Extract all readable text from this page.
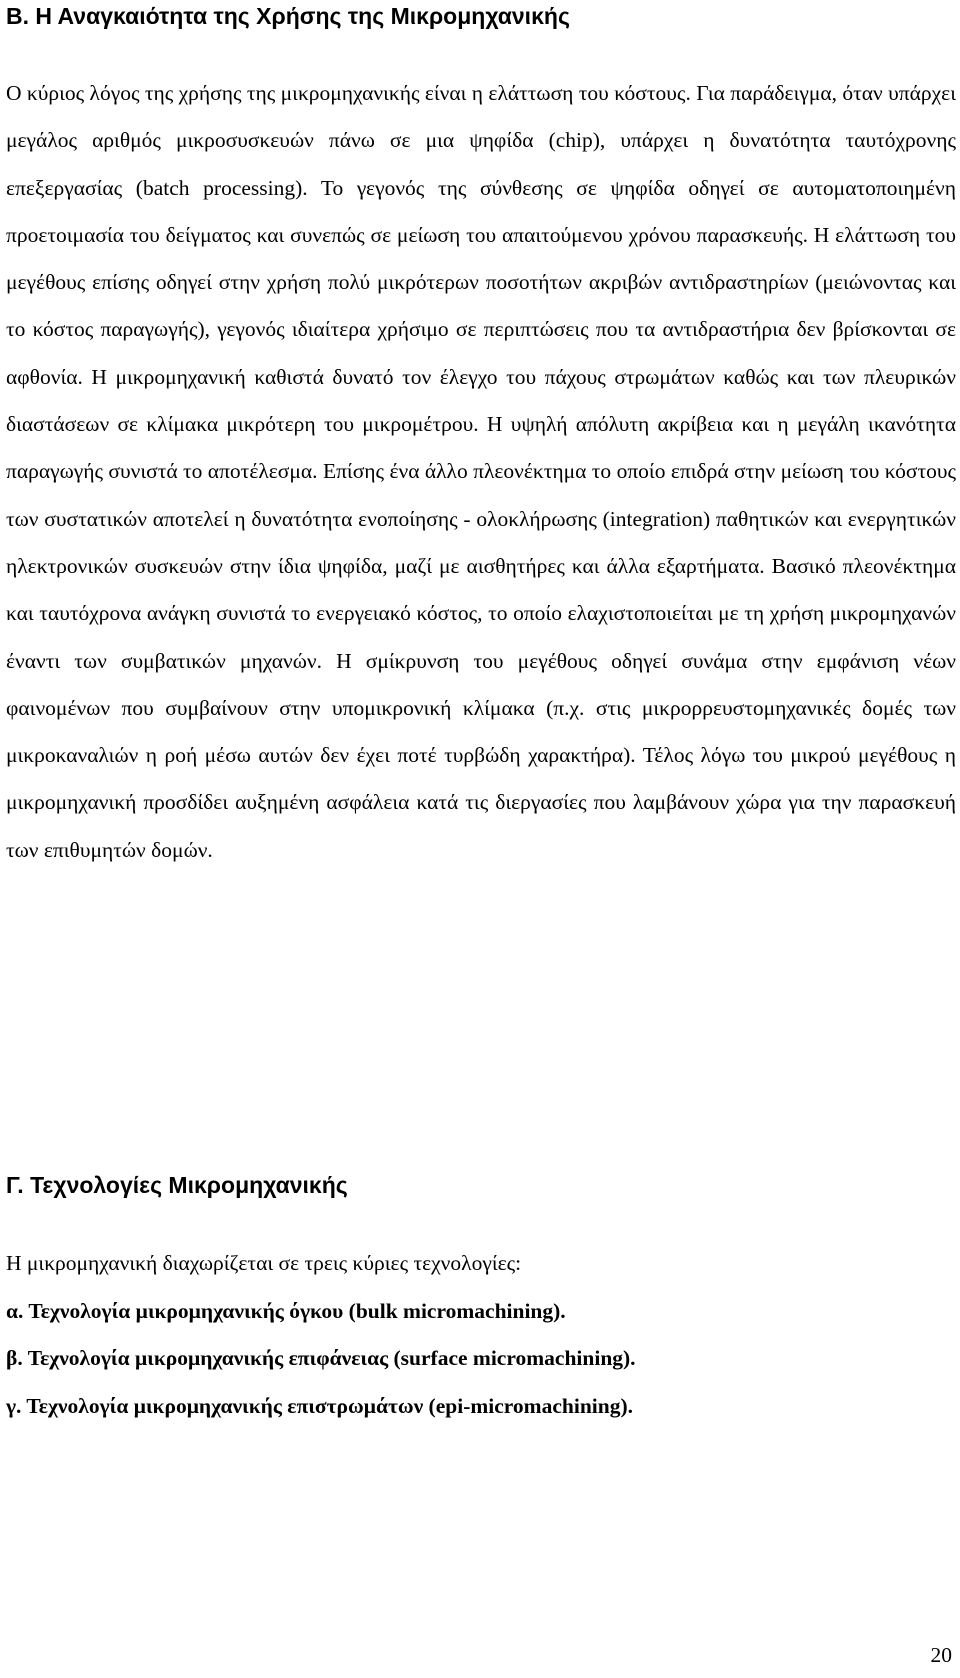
Β. Η Αναγκαιότητα της Χρήσης της Μικρομηχανικής

Ο κύριος λόγος της χρήσης της μικρομηχανικής είναι η ελάττωση του κόστους. Για παράδειγμα, όταν υπάρχει μεγάλος αριθμός μικροσυσκευών πάνω σε μια ψηφίδα (chip), υπάρχει η δυνατότητα ταυτόχρονης επεξεργασίας (batch processing). Το γεγονός της σύνθεσης σε ψηφίδα οδηγεί σε αυτοματοποιημένη προετοιμασία του δείγματος και συνεπώς σε μείωση του απαιτούμενου χρόνου παρασκευής. Η ελάττωση του μεγέθους επίσης οδηγεί στην χρήση πολύ μικρότερων ποσοτήτων ακριβών αντιδραστηρίων (μειώνοντας και το κόστος παραγωγής), γεγονός ιδιαίτερα χρήσιμο σε περιπτώσεις που τα αντιδραστήρια δεν βρίσκονται σε αφθονία. Η μικρομηχανική καθιστά δυνατό τον έλεγχο του πάχους στρωμάτων καθώς και των πλευρικών διαστάσεων σε κλίμακα μικρότερη του μικρομέτρου. Η υψηλή απόλυτη ακρίβεια και η μεγάλη ικανότητα παραγωγής συνιστά το αποτέλεσμα. Επίσης ένα άλλο πλεονέκτημα το οποίο επιδρά στην μείωση του κόστους των συστατικών αποτελεί η δυνατότητα ενοποίησης - ολοκλήρωσης (integration) παθητικών και ενεργητικών ηλεκτρονικών συσκευών στην ίδια ψηφίδα, μαζί με αισθητήρες και άλλα εξαρτήματα. Βασικό πλεονέκτημα και ταυτόχρονα ανάγκη συνιστά το ενεργειακό κόστος, το οποίο ελαχιστοποιείται με τη χρήση μικρομηχανών έναντι των συμβατικών μηχανών. Η σμίκρυνση του μεγέθους οδηγεί συνάμα στην εμφάνιση νέων φαινομένων που συμβαίνουν στην υπομικρονική κλίμακα (π.χ. στις μικρορρευστομηχανικές δομές των μικροκαναλιών η ροή μέσω αυτών δεν έχει ποτέ τυρβώδη χαρακτήρα). Τέλος λόγω του μικρού μεγέθους η μικρομηχανική προσδίδει αυξημένη ασφάλεια κατά τις διεργασίες που λαμβάνουν χώρα για την παρασκευή των επιθυμητών δομών.

Γ. Τεχνολογίες Μικρομηχανικής

Η μικρομηχανική διαχωρίζεται σε τρεις κύριες τεχνολογίες:

α. Τεχνολογία μικρομηχανικής όγκου (bulk micromachining).
β. Τεχνολογία μικρομηχανικής επιφάνειας (surface micromachining).
γ. Τεχνολογία μικρομηχανικής επιστρωμάτων (epi-micromachining).
20
